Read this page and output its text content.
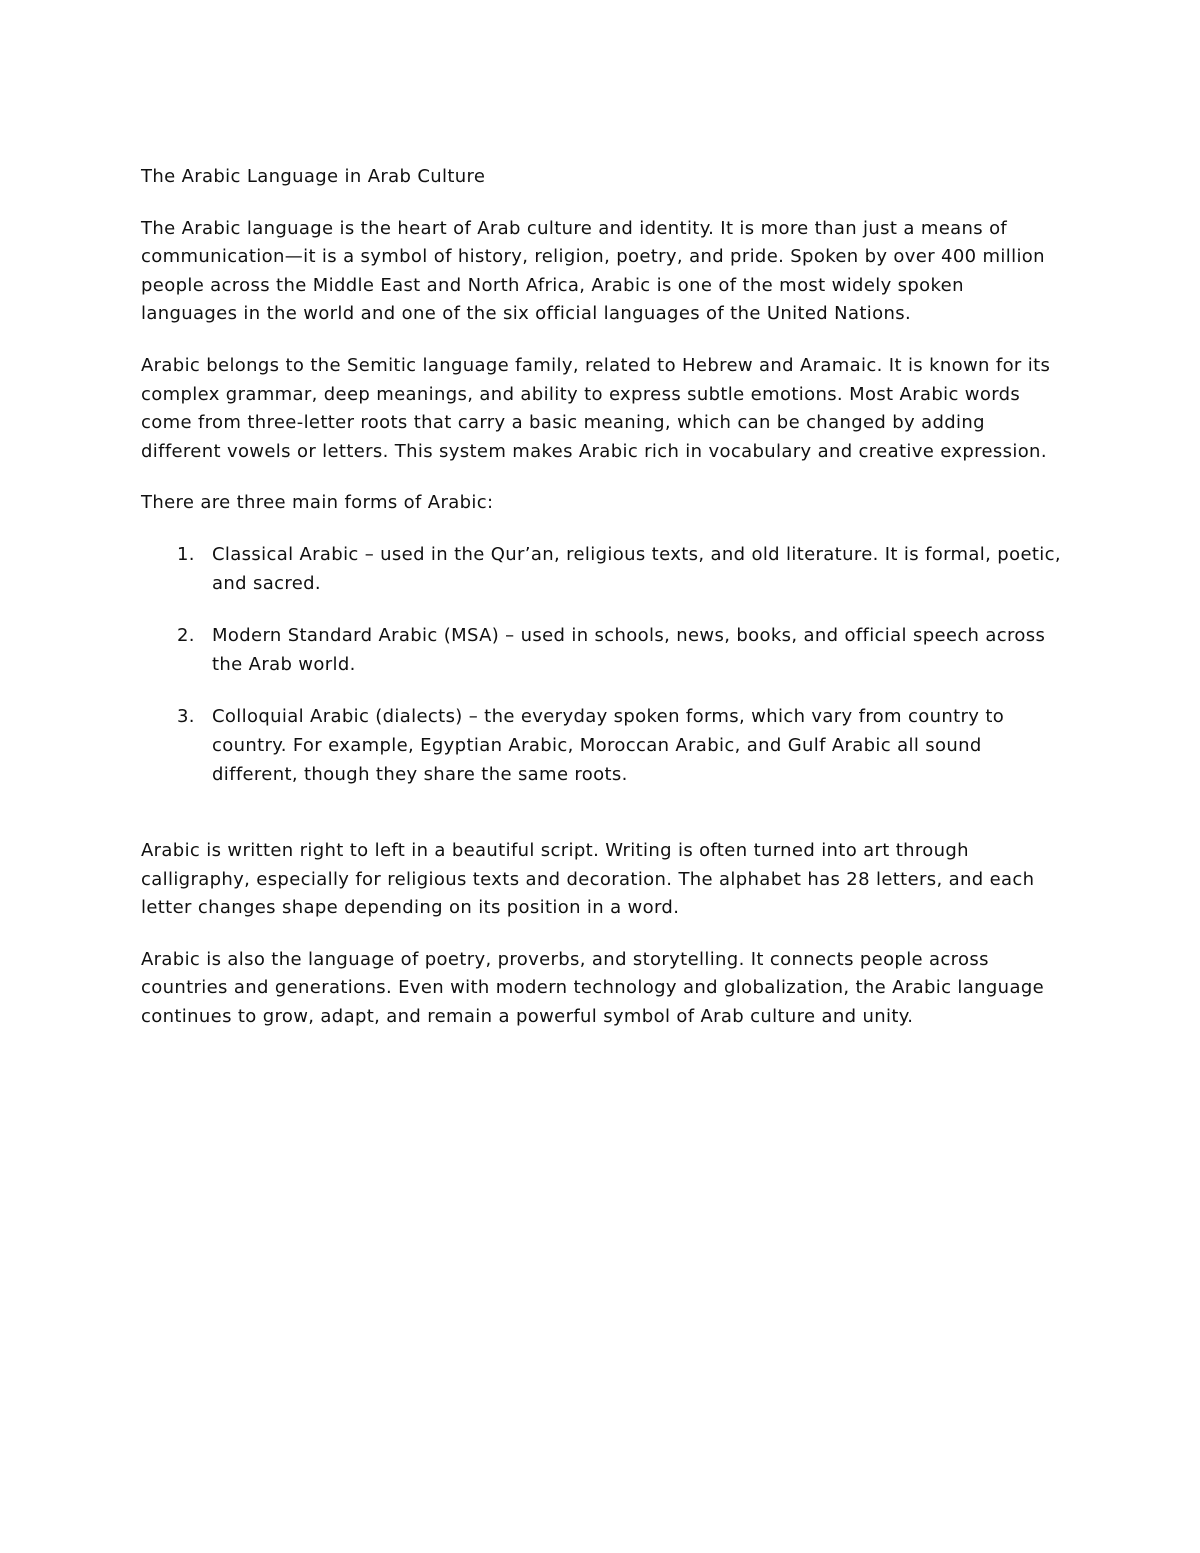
The Arabic Language in Arab Culture

The Arabic language is the heart of Arab culture and identity. It is more than just a means of communication—it is a symbol of history, religion, poetry, and pride. Spoken by over 400 million people across the Middle East and North Africa, Arabic is one of the most widely spoken languages in the world and one of the six official languages of the United Nations.

Arabic belongs to the Semitic language family, related to Hebrew and Aramaic. It is known for its complex grammar, deep meanings, and ability to express subtle emotions. Most Arabic words come from three-letter roots that carry a basic meaning, which can be changed by adding different vowels or letters. This system makes Arabic rich in vocabulary and creative expression.

There are three main forms of Arabic:

1. Classical Arabic – used in the Qur’an, religious texts, and old literature. It is formal, poetic, and sacred.
2. Modern Standard Arabic (MSA) – used in schools, news, books, and official speech across the Arab world.
3. Colloquial Arabic (dialects) – the everyday spoken forms, which vary from country to country. For example, Egyptian Arabic, Moroccan Arabic, and Gulf Arabic all sound different, though they share the same roots.

Arabic is written right to left in a beautiful script. Writing is often turned into art through calligraphy, especially for religious texts and decoration. The alphabet has 28 letters, and each letter changes shape depending on its position in a word.

Arabic is also the language of poetry, proverbs, and storytelling. It connects people across countries and generations. Even with modern technology and globalization, the Arabic language continues to grow, adapt, and remain a powerful symbol of Arab culture and unity.
